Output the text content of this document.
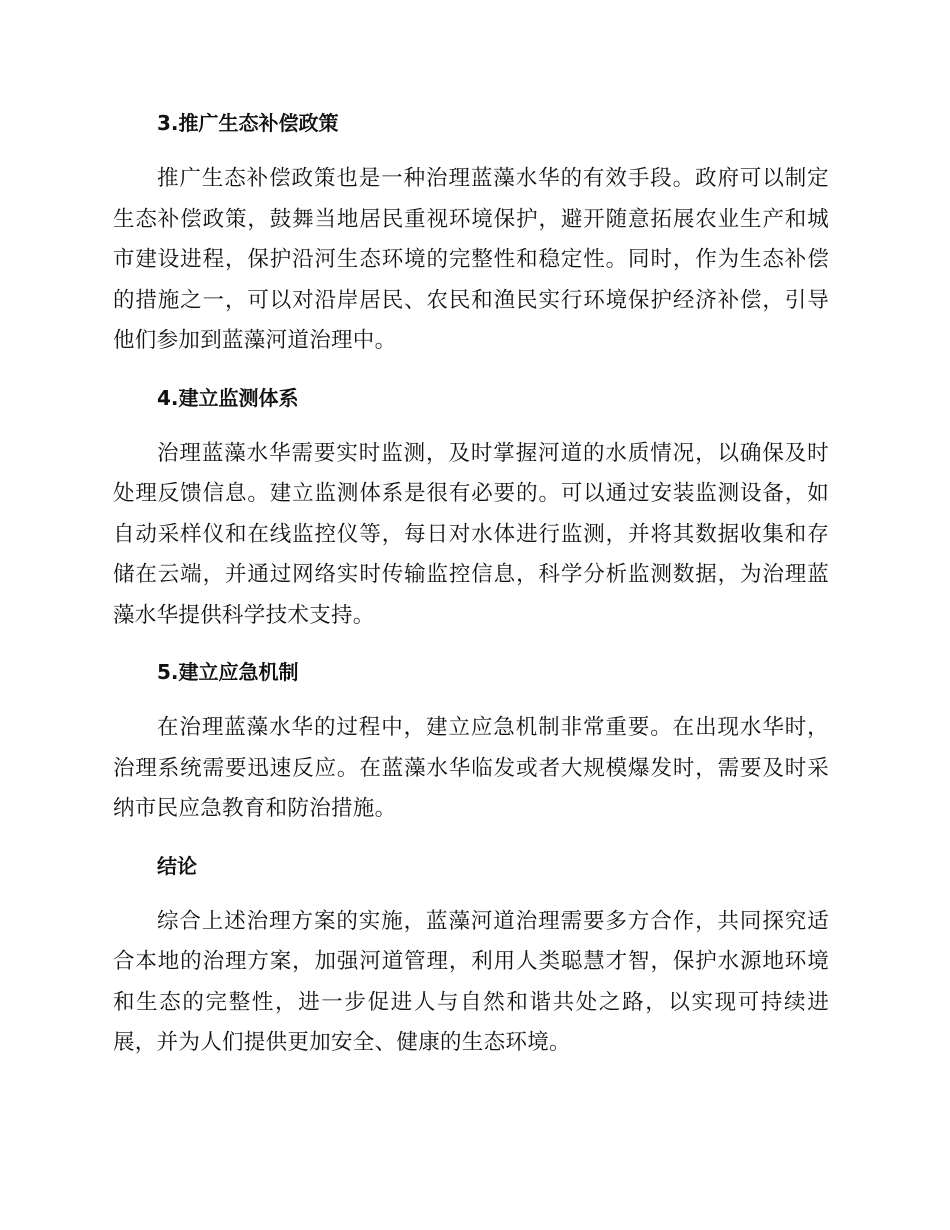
3.推广生态补偿政策

推广生态补偿政策也是一种治理蓝藻水华的有效手段。政府可以制定生态补偿政策，鼓舞当地居民重视环境保护，避开随意拓展农业生产和城市建设进程，保护沿河生态环境的完整性和稳定性。同时，作为生态补偿的措施之一，可以对沿岸居民、农民和渔民实行环境保护经济补偿，引导他们参加到蓝藻河道治理中。

4.建立监测体系

治理蓝藻水华需要实时监测，及时掌握河道的水质情况，以确保及时处理反馈信息。建立监测体系是很有必要的。可以通过安装监测设备，如自动采样仪和在线监控仪等，每日对水体进行监测，并将其数据收集和存储在云端，并通过网络实时传输监控信息，科学分析监测数据，为治理蓝藻水华提供科学技术支持。

5.建立应急机制

在治理蓝藻水华的过程中，建立应急机制非常重要。在出现水华时，治理系统需要迅速反应。在蓝藻水华临发或者大规模爆发时，需要及时采纳市民应急教育和防治措施。

结论

综合上述治理方案的实施，蓝藻河道治理需要多方合作，共同探究适合本地的治理方案，加强河道管理，利用人类聪慧才智，保护水源地环境和生态的完整性，进一步促进人与自然和谐共处之路，以实现可持续进展，并为人们提供更加安全、健康的生态环境。
